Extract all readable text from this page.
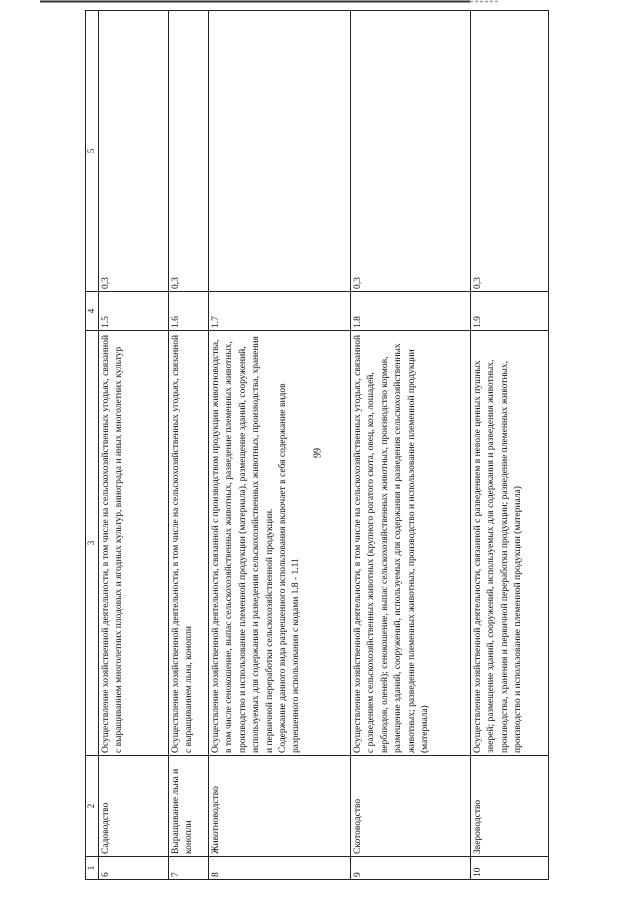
99
1	2	3	4	5
6	Садоводство	Осуществление хозяйственной деятельности, в том числе на сельскохозяйственных угодьях, связанной с выращиванием многолетних плодовых и ягодных культур, винограда и иных многолетних культур	1.5	0,3
7	Выращивание льна и конопли	Осуществление хозяйственной деятельности, в том числе на сельскохозяйственных угодьях, связанной с выращиванием льна, конопли	1.6	0,3
8	Животноводство	Осуществление хозяйственной деятельности, связанной с производством продукции животноводства, в том числе сенокошение, выпас сельскохозяйственных животных, разведение племенных животных, производство и использование племенной продукции (материала), размещение зданий, сооружений, используемых для содержания и разведения сельскохозяйственных животных, производства, хранения и первичной переработки сельскохозяйственной продукции. Содержание данного вида разрешенного использования включает в себя содержание видов разрешенного использования с кодами 1.8 - 1.11	1.7	
9	Скотоводство	Осуществление хозяйственной деятельности, в том числе на сельскохозяйственных угодьях, связанной с разведением сельскохозяйственных животных (крупного рогатого скота, овец, коз, лошадей, верблюдов, оленей); сенокошение, выпас сельскохозяйственных животных, производство кормов, размещение зданий, сооружений, используемых для содержания и разведения сельскохозяйственных животных; разведение племенных животных, производство и использование племенной продукции (материала)	1.8	0,3
10	Звероводство	Осуществление хозяйственной деятельности, связанной с разведением в неволе ценных пушных зверей; размещение зданий, сооружений, используемых для содержания и разведения животных, производства, хранения и первичной переработки продукции; разведение племенных животных, производство и использование племенной продукции (материала)	1.9	0,3
